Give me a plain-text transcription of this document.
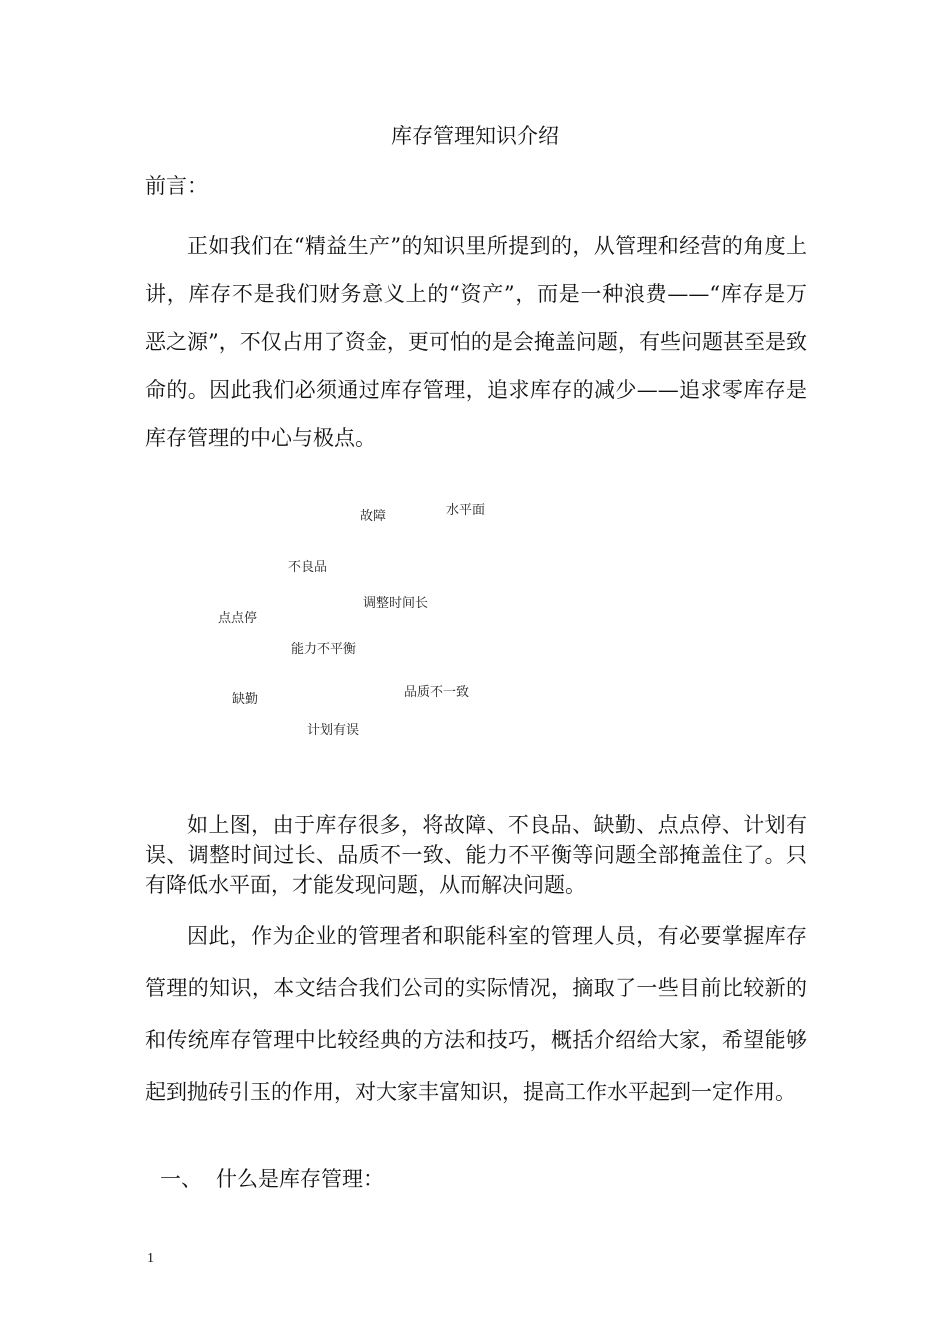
库存管理知识介绍
前言：

正如我们在“精益生产”的知识里所提到的，从管理和经营的角度上讲，库存不是我们财务意义上的“资产”，而是一种浪费——“库存是万恶之源”，不仅占用了资金，更可怕的是会掩盖问题，有些问题甚至是致命的。因此我们必须通过库存管理，追求库存的减少——追求零库存是库存管理的中心与极点。

故障	水平面
不良品
调整时间长
点点停
能力不平衡
缺勤	品质不一致
计划有误

如上图，由于库存很多，将故障、不良品、缺勤、点点停、计划有误、调整时间过长、品质不一致、能力不平衡等问题全部掩盖住了。只有降低水平面，才能发现问题，从而解决问题。

因此，作为企业的管理者和职能科室的管理人员，有必要掌握库存管理的知识，本文结合我们公司的实际情况，摘取了一些目前比较新的和传统库存管理中比较经典的方法和技巧，概括介绍给大家，希望能够起到抛砖引玉的作用，对大家丰富知识，提高工作水平起到一定作用。

一、 什么是库存管理：
1
